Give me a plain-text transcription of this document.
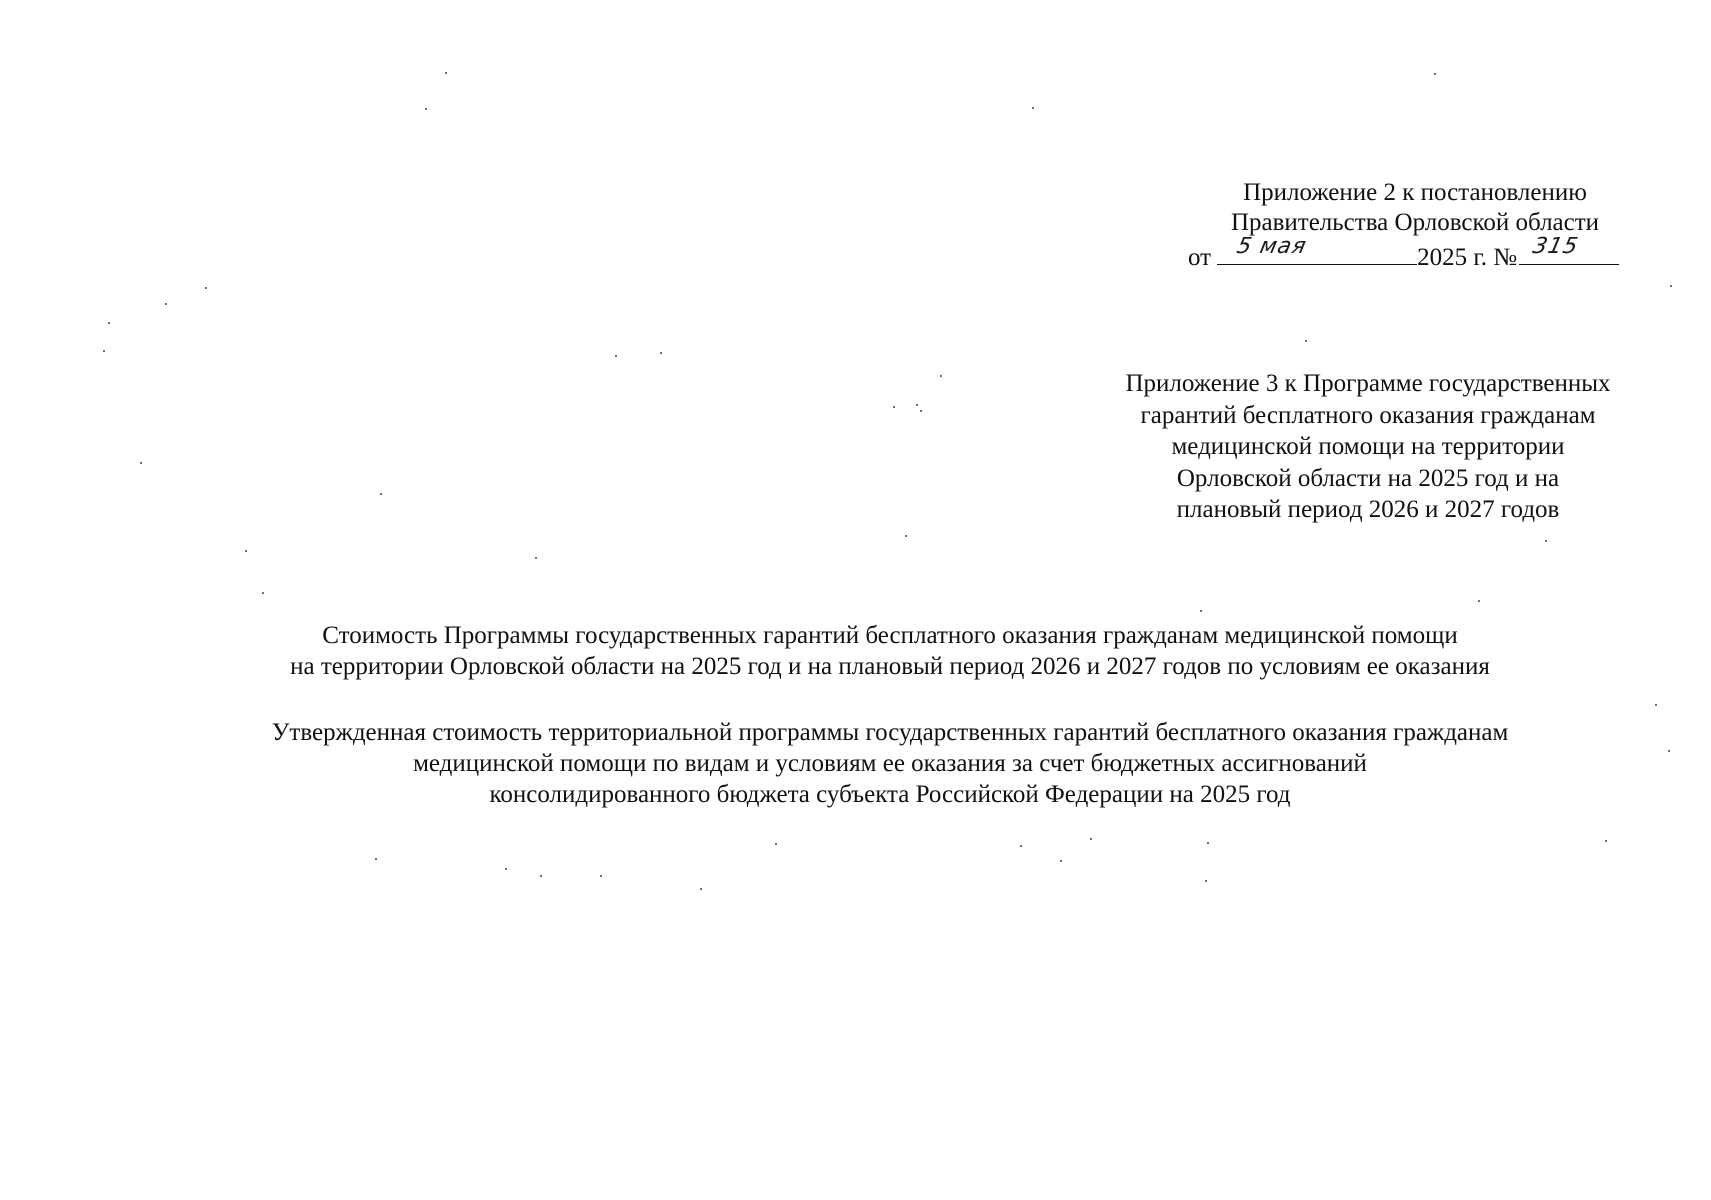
Приложение 2 к постановлению
Правительства Орловской области
от 5 мая	2025 г. № 315
Приложение 3 к Программе государственных
гарантий бесплатного оказания гражданам
медицинской помощи на территории
Орловской области на 2025 год и на
плановый период 2026 и 2027 годов
Стоимость Программы государственных гарантий бесплатного оказания гражданам медицинской помощи
на территории Орловской области на 2025 год и на плановый период 2026 и 2027 годов по условиям ее оказания
Утвержденная стоимость территориальной программы государственных гарантий бесплатного оказания гражданам
медицинской помощи по видам и условиям ее оказания за счет бюджетных ассигнований
консолидированного бюджета субъекта Российской Федерации на 2025 год
